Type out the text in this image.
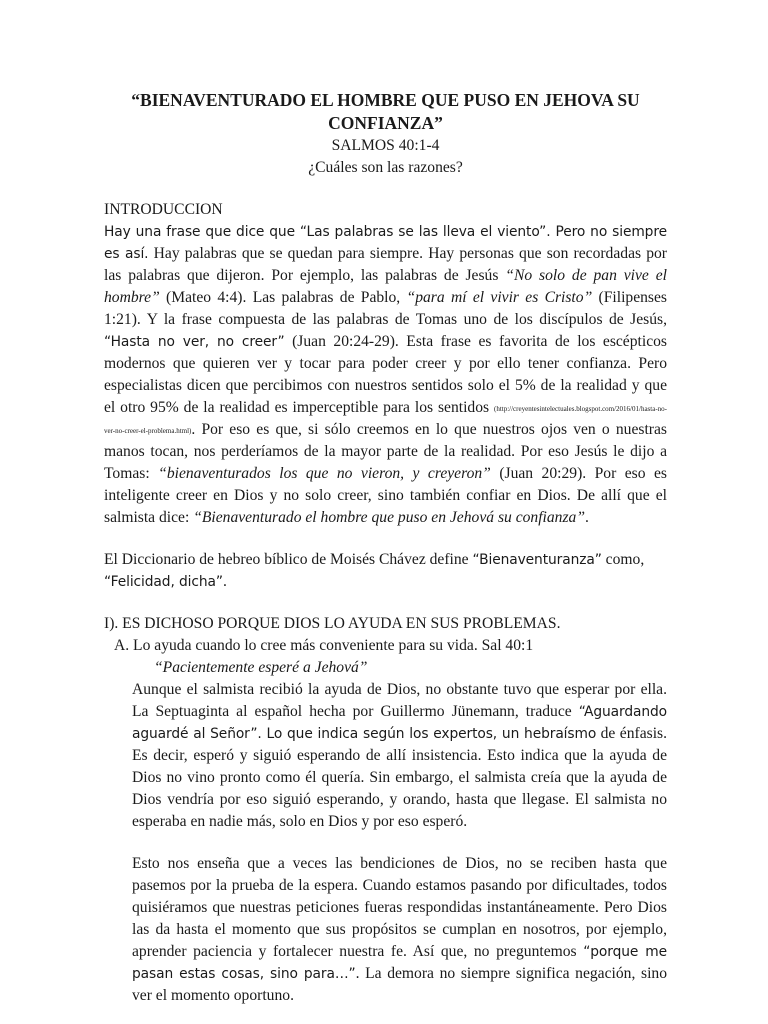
“BIENAVENTURADO EL HOMBRE QUE PUSO EN JEHOVA SU CONFIANZA”
SALMOS 40:1-4
¿Cuáles son las razones?
INTRODUCCION

Hay una frase que dice que “Las palabras se las lleva el viento”. Pero no siempre es así. Hay palabras que se quedan para siempre. Hay personas que son recordadas por las palabras que dijeron. Por ejemplo, las palabras de Jesús “No solo de pan vive el hombre” (Mateo 4:4). Las palabras de Pablo, “para mí el vivir es Cristo” (Filipenses 1:21). Y la frase compuesta de las palabras de Tomas uno de los discípulos de Jesús, “Hasta no ver, no creer” (Juan 20:24-29). Esta frase es favorita de los escépticos modernos que quieren ver y tocar para poder creer y por ello tener confianza. Pero especialistas dicen que percibimos con nuestros sentidos solo el 5% de la realidad y que el otro 95% de la realidad es imperceptible para los sentidos (http://creyentesintelectuales.blogspot.com/2016/01/hasta-no-ver-no-creer-el-problema.html). Por eso es que, si sólo creemos en lo que nuestros ojos ven o nuestras manos tocan, nos perderíamos de la mayor parte de la realidad. Por eso Jesús le dijo a Tomas: “bienaventurados los que no vieron, y creyeron” (Juan 20:29). Por eso es inteligente creer en Dios y no solo creer, sino también confiar en Dios. De allí que el salmista dice: “Bienaventurado el hombre que puso en Jehová su confianza”.

El Diccionario de hebreo bíblico de Moisés Chávez define “Bienaventuranza” como,
“Felicidad, dicha”.

I). ES DICHOSO PORQUE DIOS LO AYUDA EN SUS PROBLEMAS.
A. Lo ayuda cuando lo cree más conveniente para su vida. Sal 40:1
“Pacientemente esperé a Jehová”

Aunque el salmista recibió la ayuda de Dios, no obstante tuvo que esperar por ella. La Septuaginta al español hecha por Guillermo Jünemann, traduce “Aguardando aguardé al Señor”. Lo que indica según los expertos, un hebraísmo de énfasis. Es decir, esperó y siguió esperando de allí insistencia. Esto indica que la ayuda de Dios no vino pronto como él quería. Sin embargo, el salmista creía que la ayuda de Dios vendría por eso siguió esperando, y orando, hasta que llegase. El salmista no esperaba en nadie más, solo en Dios y por eso esperó.

Esto nos enseña que a veces las bendiciones de Dios, no se reciben hasta que pasemos por la prueba de la espera. Cuando estamos pasando por dificultades, todos quisiéramos que nuestras peticiones fueras respondidas instantáneamente. Pero Dios las da hasta el momento que sus propósitos se cumplan en nosotros, por ejemplo, aprender paciencia y fortalecer nuestra fe. Así que, no preguntemos “porque me pasan estas cosas, sino para…”. La demora no siempre significa negación, sino ver el momento oportuno.
